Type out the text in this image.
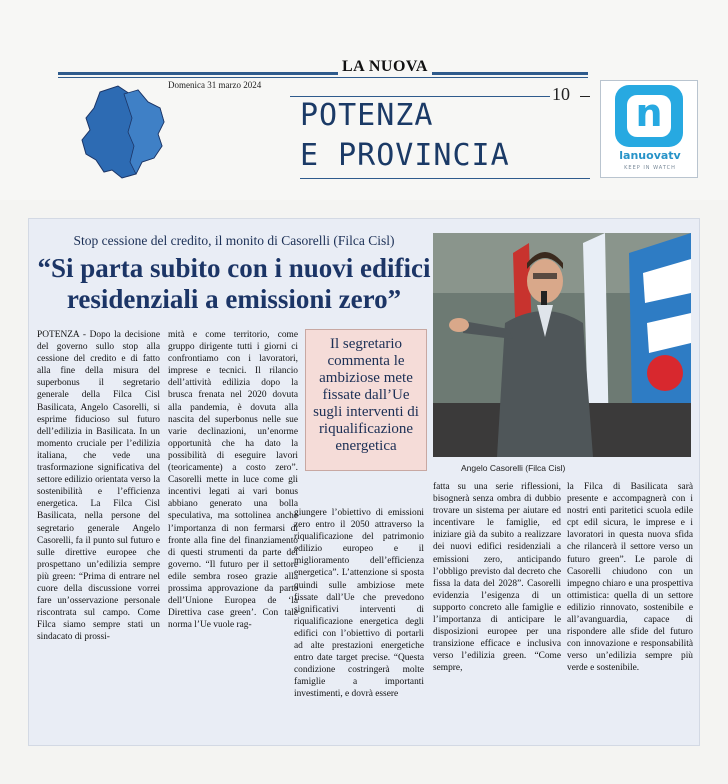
LA NUOVA
Domenica 31 marzo 2024	10
POTENZA
E PROVINCIA
n
lanuovatv
KEEP IN WATCH
Stop cessione del credito, il monito di Casorelli (Filca Cisl)
“Si parta subito con i nuovi edifici residenziali a emissioni zero”
Angelo Casorelli (Filca Cisl)
POTENZA - Dopo la decisione del governo sullo stop alla cessione del credito e di fatto alla fine della misura del superbonus il segretario generale della Filca Cisl Basilicata, Angelo Casorelli, si esprime fiducioso sul futuro dell’edilizia in Basilicata. In un momento cruciale per l’edilizia italiana, che vede una trasformazione significativa del settore edilizio orientata verso la sostenibilità e l’efficienza energetica. La Filca Cisl Basilicata, nella persone del segretario generale Angelo Casorelli, fa il punto sul futuro e sulle direttive europee che prospettano un’edilizia sempre più green: “Prima di entrare nel cuore della discussione vorrei fare un’osservazione personale riscontrata sul campo. Come Filca siamo sempre stati un sindacato di prossi-
mità e come territorio, come gruppo dirigente tutti i giorni ci confrontiamo con i lavoratori, imprese e tecnici. Il rilancio dell’attività edilizia dopo la brusca frenata nel 2020 dovuta alla pandemia, è dovuta alla nascita del superbonus nelle sue varie declinazioni, un’enorme opportunità che ha dato la possibilità di eseguire lavori (teoricamente) a costo zero”. Casorelli mette in luce come gli incentivi legati ai vari bonus abbiano generato una bolla speculativa, ma sottolinea anche l’importanza di non fermarsi di fronte alla fine del finanziamento di questi strumenti da parte del governo. “Il futuro per il settore edile sembra roseo grazie alla prossima approvazione da parte dell’Unione Europea de ‘la Direttiva case green’. Con tale norma l’Ue vuole rag-
Il segretario commenta le ambiziose mete fissate dall’Ue sugli interventi di riqualificazione energetica
giungere l’obiettivo di emissioni zero entro il 2050 attraverso la riqualificazione del patrimonio edilizio europeo e il miglioramento dell’efficienza energetica”. L’attenzione si sposta quindi sulle ambiziose mete fissate dall’Ue che prevedono significativi interventi di riqualificazione energetica degli edifici con l’obiettivo di portarli ad alte prestazioni energetiche entro date target precise. “Questa condizione costringerà molte famiglie a importanti investimenti, e dovrà essere
fatta su una serie riflessioni, bisognerà senza ombra di dubbio trovare un sistema per aiutare ed incentivare le famiglie, ed iniziare già da subito a realizzare dei nuovi edifici residenziali a emissioni zero, anticipando l’obbligo previsto dal decreto che fissa la data del 2028”. Casorelli evidenzia l’esigenza di un supporto concreto alle famiglie e l’importanza di anticipare le disposizioni europee per una transizione efficace e inclusiva verso l’edilizia green. “Come sempre,
la Filca di Basilicata sarà presente e accompagnerà con i nostri enti paritetici scuola edile cpt edil sicura, le imprese e i lavoratori in questa nuova sfida che rilancerà il settore verso un futuro green”. Le parole di Casorelli chiudono con un impegno chiaro e una prospettiva ottimistica: quella di un settore edilizio rinnovato, sostenibile e all’avanguardia, capace di rispondere alle sfide del futuro con innovazione e responsabilità verso un’edilizia sempre più verde e sostenibile.
